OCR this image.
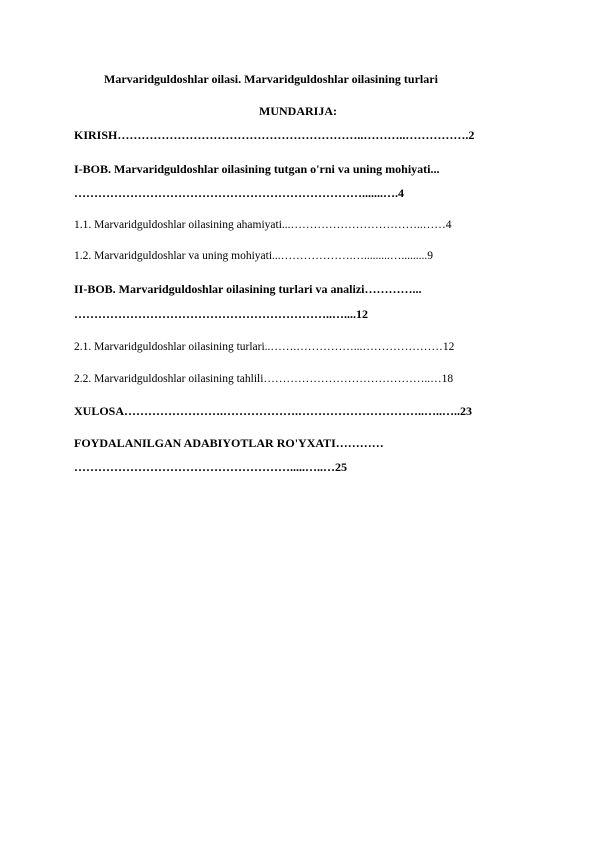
Marvaridguldoshlar oilasi. Marvaridguldoshlar oilasining turlari
MUNDARIJA:
KIRISH……………………………………………………..………..…………….2
I-BOB. Marvaridguldoshlar oilasining tutgan o'rni va uning mohiyati...
……………………………………………………………….......….4
1.1. Marvaridguldoshlar oilasining ahamiyati...……………………………..……4
1.2. Marvaridguldoshlar va uning mohiyati...……………….….........….........9
II-BOB. Marvaridguldoshlar oilasining turlari va analizi…………...
………………………………………………………..…....12
2.1. Marvaridguldoshlar oilasining turlari..…….……………...…………………12
2.2. Marvaridguldoshlar oilasining tahlili……………………………………..…18
XULOSA…………………….……………….…………………………..…..…..23
FOYDALANILGAN ADABIYOTLAR RO'YXATI…………
……………………………………………….....…..…25
